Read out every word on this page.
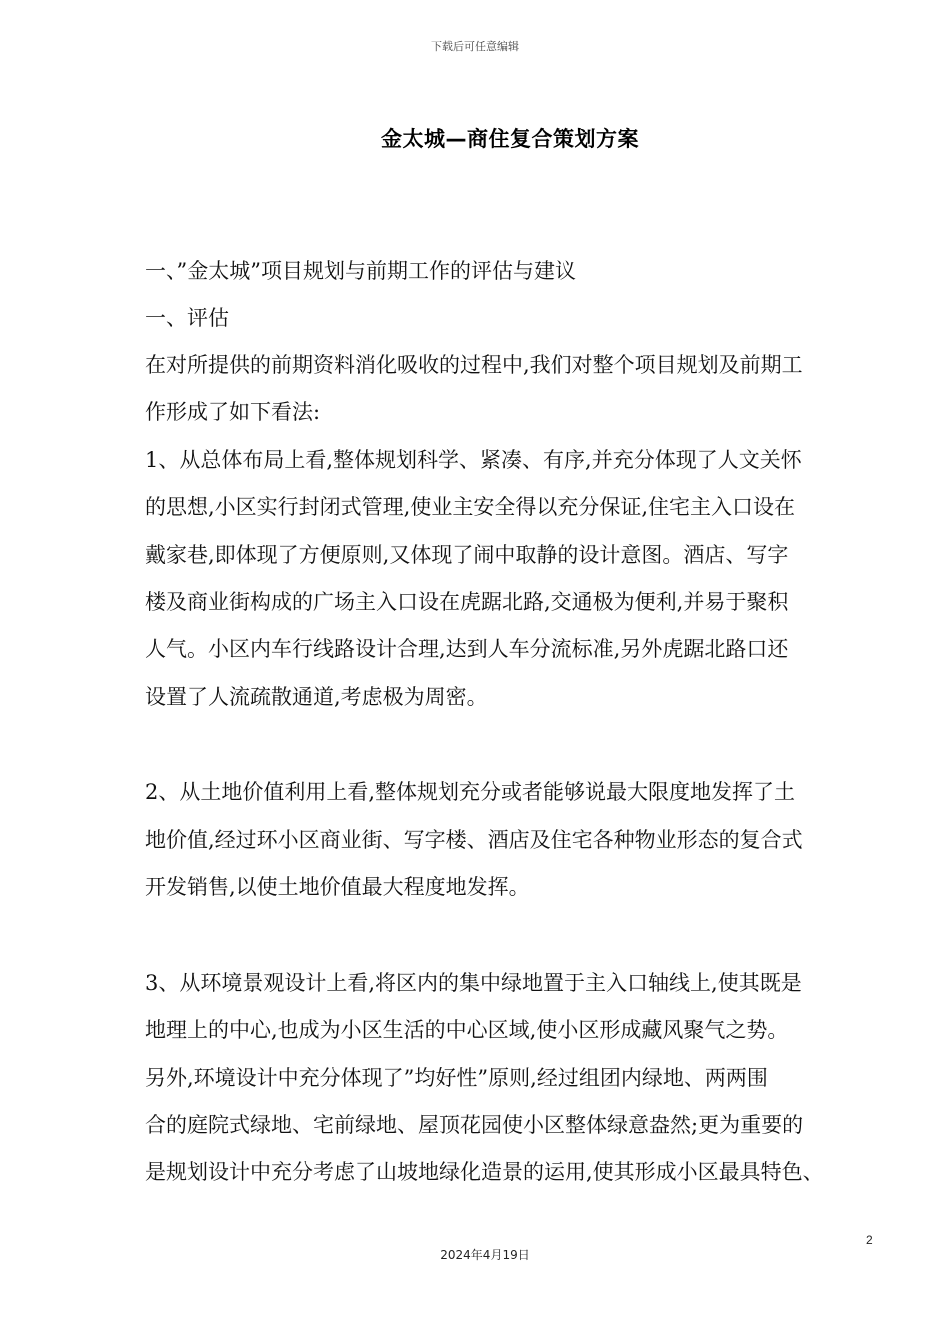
下载后可任意编辑
金太城—商住复合策划方案
一、”金太城”项目规划与前期工作的评估与建议
一、评估
在对所提供的前期资料消化吸收的过程中,我们对整个项目规划及前期工
作形成了如下看法:
1、从总体布局上看,整体规划科学、紧凑、有序,并充分体现了人文关怀
的思想,小区实行封闭式管理,使业主安全得以充分保证,住宅主入口设在
戴家巷,即体现了方便原则,又体现了闹中取静的设计意图。酒店、写字
楼及商业街构成的广场主入口设在虎踞北路,交通极为便利,并易于聚积
人气。小区内车行线路设计合理,达到人车分流标准,另外虎踞北路口还
设置了人流疏散通道,考虑极为周密。
2、从土地价值利用上看,整体规划充分或者能够说最大限度地发挥了土
地价值,经过环小区商业街、写字楼、酒店及住宅各种物业形态的复合式
开发销售,以使土地价值最大程度地发挥。
3、从环境景观设计上看,将区内的集中绿地置于主入口轴线上,使其既是
地理上的中心,也成为小区生活的中心区域,使小区形成藏风聚气之势。
另外,环境设计中充分体现了”均好性”原则,经过组团内绿地、两两围
合的庭院式绿地、宅前绿地、屋顶花园使小区整体绿意盎然;更为重要的
是规划设计中充分考虑了山坡地绿化造景的运用,使其形成小区最具特色、
2
2024年4月19日
